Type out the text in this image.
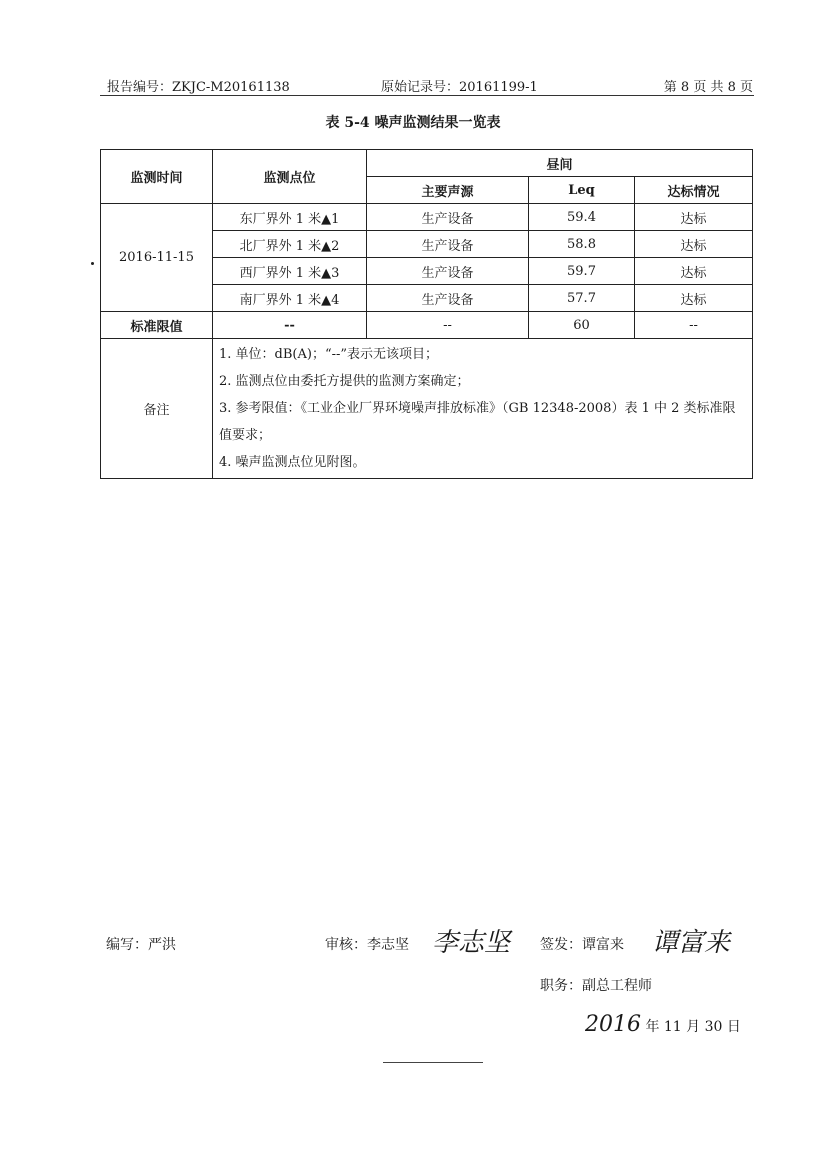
报告编号：ZKJC-M20161138	原始记录号：20161199-1	第 8 页 共 8 页
表 5-4 噪声监测结果一览表
监测时间	监测点位	昼间		
		主要声源	Leq	达标情况
2016-11-15	东厂界外 1 米▲1	生产设备	59.4	达标
	北厂界外 1 米▲2	生产设备	58.8	达标
	西厂界外 1 米▲3	生产设备	59.7	达标
	南厂界外 1 米▲4	生产设备	57.7	达标
标准限值	--	--	60	--
备注	1. 单位：dB(A)；“--”表示无该项目；

2. 监测点位由委托方提供的监测方案确定；

3. 参考限值：《工业企业厂界环境噪声排放标准》（GB 12348-2008）表 1 中 2 类标准限值要求；

4. 噪声监测点位见附图。			

编写：严洪	审核：李志坚 李志坚 签发：谭富来 谭富来
职务：副总工程师
2016 年 11 月 30 日
